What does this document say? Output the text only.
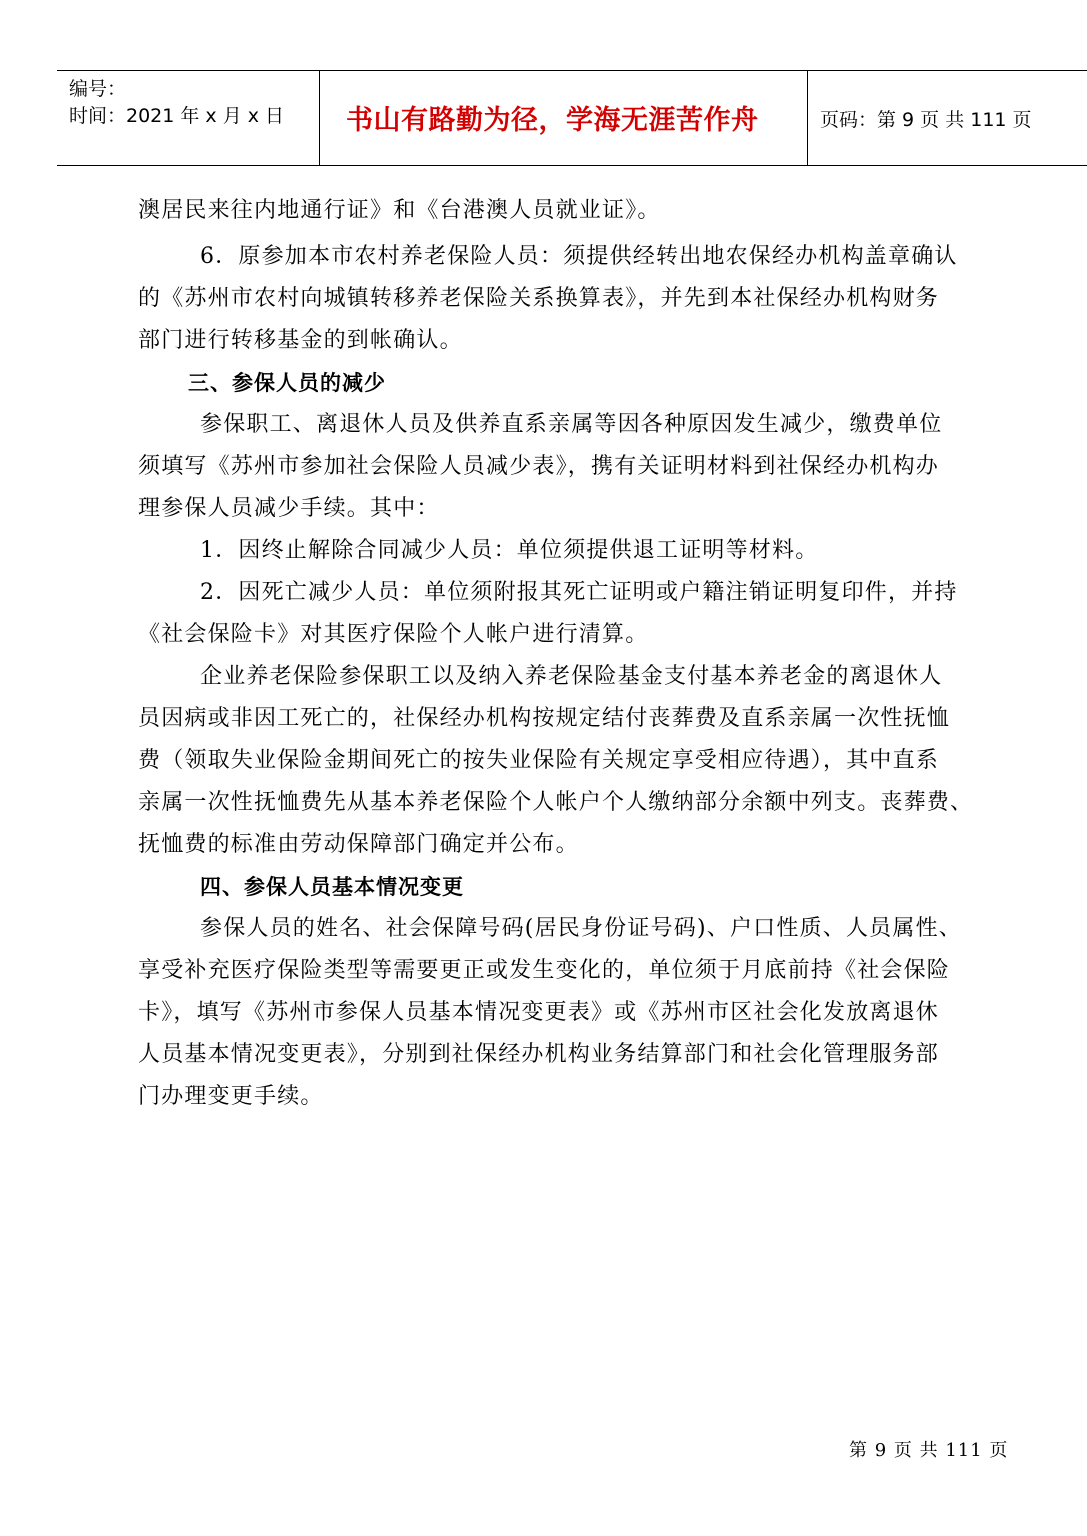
编号：
时间：2021 年 x 月 x 日 书山有路勤为径，学海无涯苦作舟	页码：第 9 页 共 111 页
澳居民来往内地通行证》和《台港澳人员就业证》。
6．原参加本市农村养老保险人员：须提供经转出地农保经办机构盖章确认
的《苏州市农村向城镇转移养老保险关系换算表》，并先到本社保经办机构财务
部门进行转移基金的到帐确认。
三、参保人员的减少
参保职工、离退休人员及供养直系亲属等因各种原因发生减少，缴费单位
须填写《苏州市参加社会保险人员减少表》，携有关证明材料到社保经办机构办
理参保人员减少手续。其中：
1．因终止解除合同减少人员：单位须提供退工证明等材料。
2．因死亡减少人员：单位须附报其死亡证明或户籍注销证明复印件，并持
《社会保险卡》对其医疗保险个人帐户进行清算。
企业养老保险参保职工以及纳入养老保险基金支付基本养老金的离退休人
员因病或非因工死亡的，社保经办机构按规定结付丧葬费及直系亲属一次性抚恤
费（领取失业保险金期间死亡的按失业保险有关规定享受相应待遇），其中直系
亲属一次性抚恤费先从基本养老保险个人帐户个人缴纳部分余额中列支。丧葬费、
抚恤费的标准由劳动保障部门确定并公布。
四、参保人员基本情况变更
参保人员的姓名、社会保障号码(居民身份证号码)、户口性质、人员属性、
享受补充医疗保险类型等需要更正或发生变化的，单位须于月底前持《社会保险
卡》，填写《苏州市参保人员基本情况变更表》或《苏州市区社会化发放离退休
人员基本情况变更表》，分别到社保经办机构业务结算部门和社会化管理服务部
门办理变更手续。
第 9 页 共 111 页
